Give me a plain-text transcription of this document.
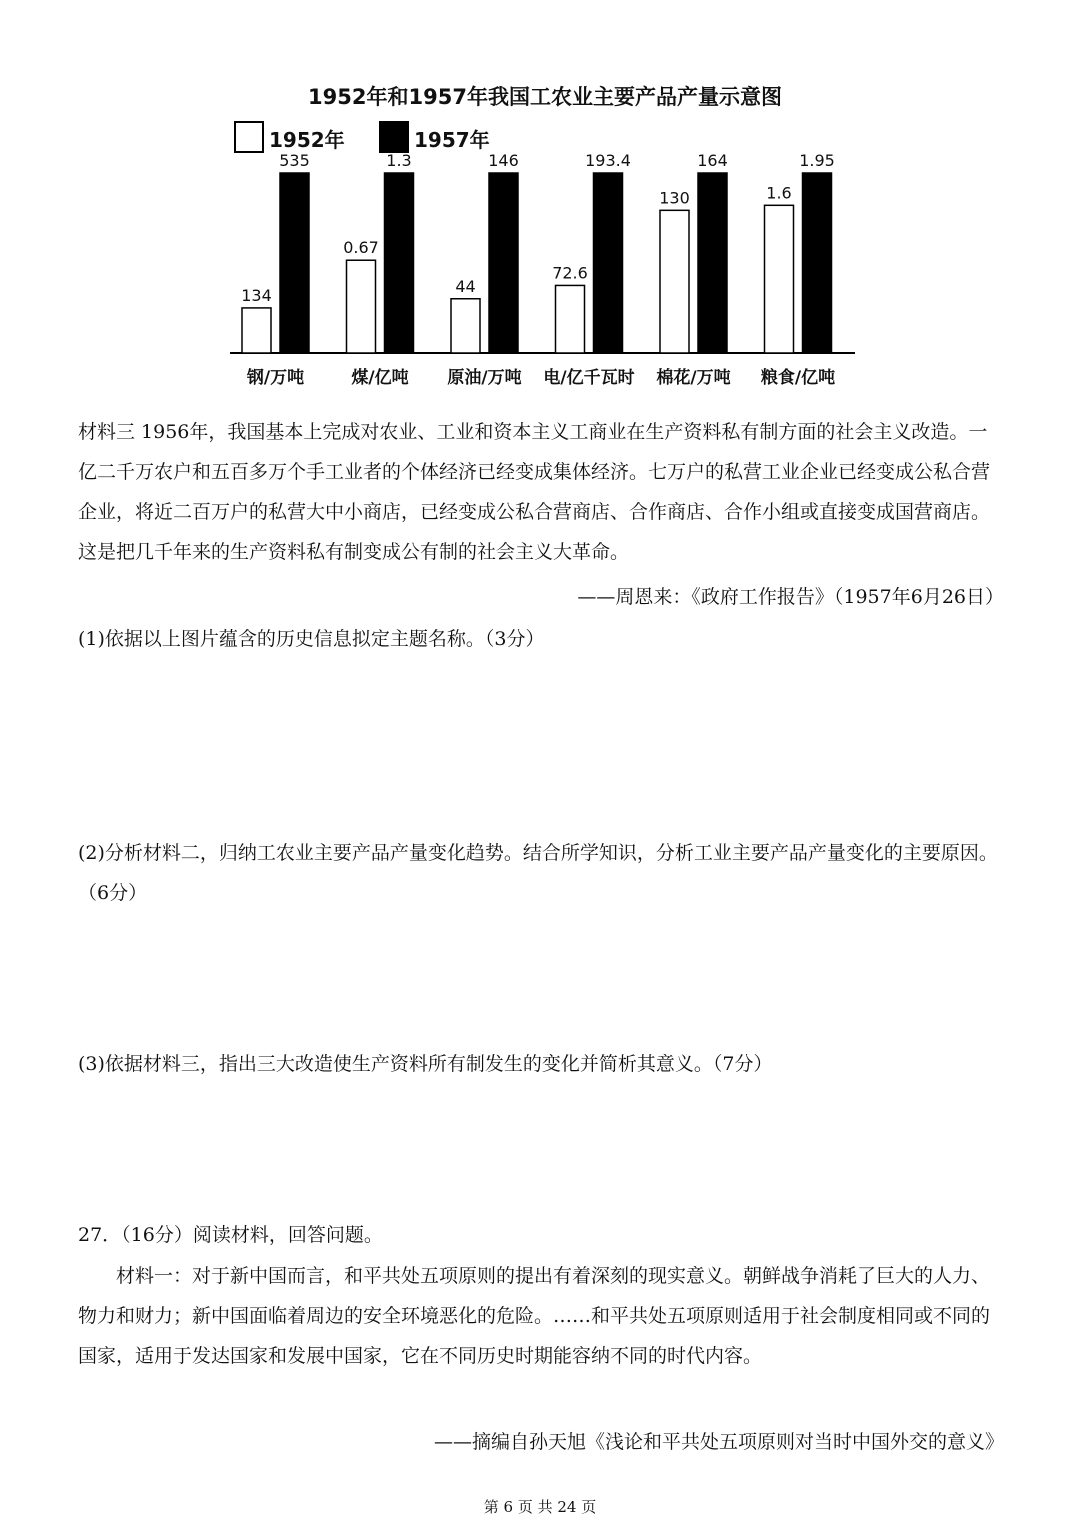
1952年和1957年我国工农业主要产品产量示意图
1952年	1957年
134
535
钢/万吨
0.67
1.3
煤/亿吨
44
146
原油/万吨
72.6
193.4
电/亿千瓦时
130
164
棉花/万吨
1.6
1.95
粮食/亿吨

材料三 1956年，我国基本上完成对农业、工业和资本主义工商业在生产资料私有制方面的社会主义改造。一亿二千万农户和五百多万个手工业者的个体经济已经变成集体经济。七万户的私营工业企业已经变成公私合营企业，将近二百万户的私营大中小商店，已经变成公私合营商店、合作商店、合作小组或直接变成国营商店。这是把几千年来的生产资料私有制变成公有制的社会主义大革命。

——周恩来：《政府工作报告》（1957年6月26日）

(1)依据以上图片蕴含的历史信息拟定主题名称。（3分）

(2)分析材料二，归纳工农业主要产品产量变化趋势。结合所学知识，分析工业主要产品产量变化的主要原因。（6分）

(3)依据材料三，指出三大改造使生产资料所有制发生的变化并简析其意义。（7分）

27．（16分）阅读材料，回答问题。

材料一：对于新中国而言，和平共处五项原则的提出有着深刻的现实意义。朝鲜战争消耗了巨大的人力、物力和财力；新中国面临着周边的安全环境恶化的危险。……和平共处五项原则适用于社会制度相同或不同的国家，适用于发达国家和发展中国家，它在不同历史时期能容纳不同的时代内容。

——摘编自孙天旭《浅论和平共处五项原则对当时中国外交的意义》

第 6 页 共 24 页
